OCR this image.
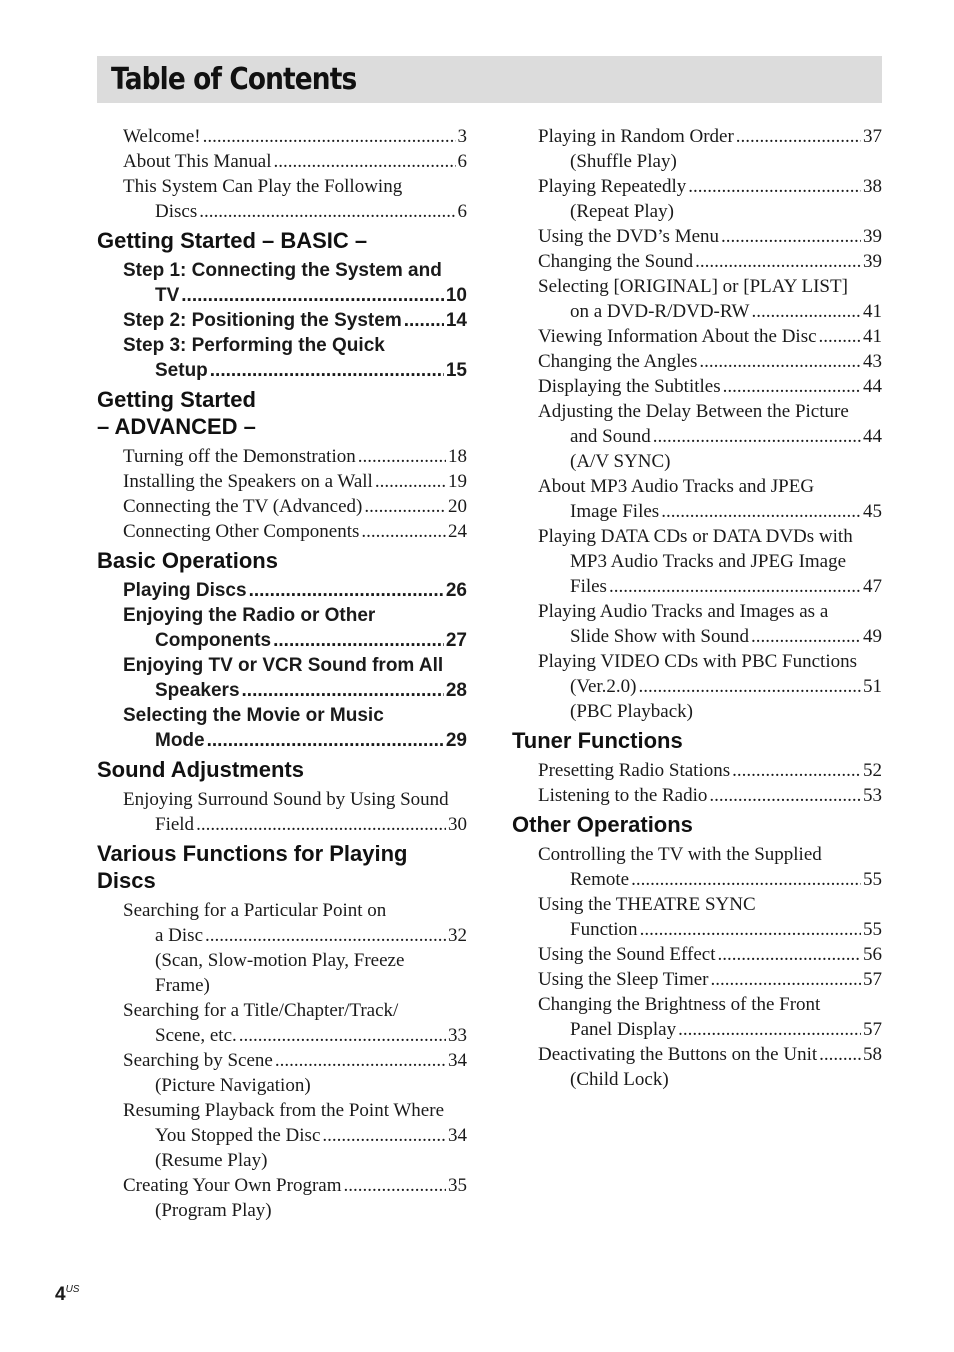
Table of Contents
Welcome! .....	3
About This Manual .....	6
This System Can Play the Following
Discs .....	6
Getting Started – BASIC –
Step 1: Connecting the System and
TV .....	10
Step 2: Positioning the System ..... 14
Step 3: Performing the Quick
Setup .....	15
Getting Started
– ADVANCED –
Turning off the Demonstration .....	18
Installing the Speakers on a Wall .....	19
Connecting the TV (Advanced) .....	20
Connecting Other Components .....	24
Basic Operations
Playing Discs .....	26
Enjoying the Radio or Other
Components .....	27
Enjoying TV or VCR Sound from All
Speakers .....	28
Selecting the Movie or Music
Mode .....	29
Sound Adjustments
Enjoying Surround Sound by Using Sound
Field .....	30
Various Functions for Playing
Discs
Searching for a Particular Point on
a Disc .....	32
(Scan, Slow-motion Play, Freeze
Frame)
Searching for a Title/Chapter/Track/
Scene, etc. .....	33
Searching by Scene .....	34
(Picture Navigation)
Resuming Playback from the Point Where
You Stopped the Disc .....	34
(Resume Play)
Creating Your Own Program .....	35
(Program Play)
Playing in Random Order .....	37
(Shuffle Play)
Playing Repeatedly .....	38
(Repeat Play)
Using the DVD’s Menu .....	39
Changing the Sound .....	39
Selecting [ORIGINAL] or [PLAY LIST]
on a DVD-R/DVD-RW .....	41
Viewing Information About the Disc ..... 41
Changing the Angles .....	43
Displaying the Subtitles .....	44
Adjusting the Delay Between the Picture
and Sound .....	44
(A/V SYNC)
About MP3 Audio Tracks and JPEG
Image Files .....	45
Playing DATA CDs or DATA DVDs with
MP3 Audio Tracks and JPEG Image
Files .....	47
Playing Audio Tracks and Images as a
Slide Show with Sound .....	49
Playing VIDEO CDs with PBC Functions
(Ver.2.0) .....	51
(PBC Playback)
Tuner Functions
Presetting Radio Stations .....	52
Listening to the Radio .....	53
Other Operations
Controlling the TV with the Supplied
Remote .....	55
Using the THEATRE SYNC
Function .....	55
Using the Sound Effect .....	56
Using the Sleep Timer .....	57
Changing the Brightness of the Front
Panel Display .....	57
Deactivating the Buttons on the Unit ..... 58
(Child Lock)
$4^{US}$
